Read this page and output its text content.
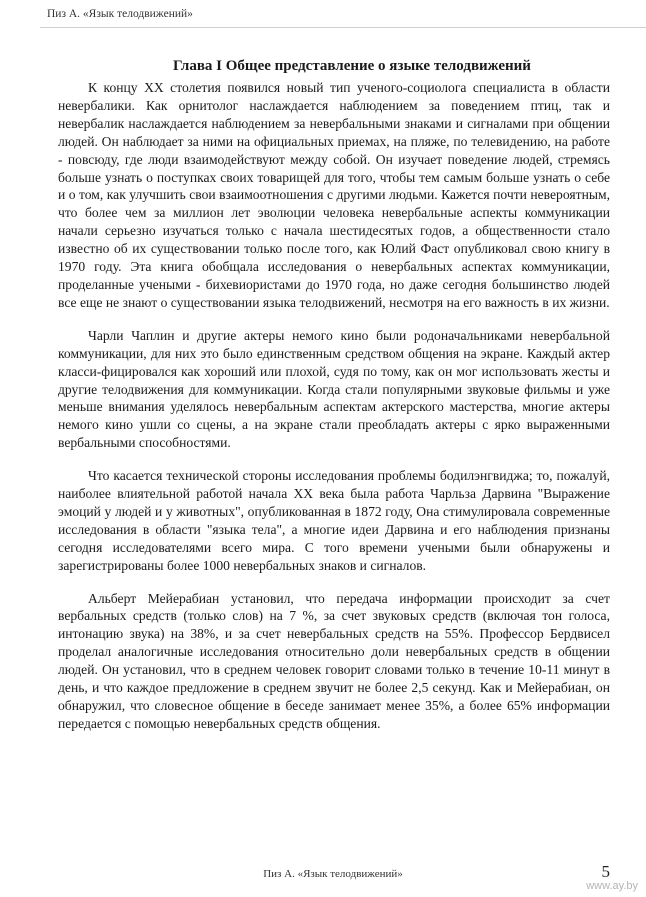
Пиз А. «Язык телодвижений»
Глава I Общее представление о языке телодвижений

К концу XX столетия появился новый тип ученого-социолога специалиста в области невербалики. Как орнитолог наслаждается наблюдением за поведением птиц, так и невербалик наслаждается наблюдением за невербальными знаками и сигналами при общении людей. Он наблюдает за ними на официальных приемах, на пляже, по телевидению, на работе - повсюду, где люди взаимодействуют между собой. Он изучает поведение людей, стремясь больше узнать о поступках своих товарищей для того, чтобы тем самым больше узнать о себе и о том, как улучшить свои взаимоотношения с другими людьми. Кажется почти невероятным, что более чем за миллион лет эволюции человека невербальные аспекты коммуникации начали серьезно изучаться только с начала шестидесятых годов, а общественности стало известно об их существовании только после того, как Юлий Фаст опубликовал свою книгу в 1970 году. Эта книга обобщала исследования о невербальных аспектах коммуникации, проделанные учеными - бихевиористами до 1970 года, но даже сегодня большинство людей все еще не знают о существовании языка телодвижений, несмотря на его важность в их жизни.

Чарли Чаплин и другие актеры немого кино были родоначальниками невербальной коммуникации, для них это было единственным средством общения на экране. Каждый актер класси-фицировался как хороший или плохой, судя по тому, как он мог использовать жесты и другие телодвижения для коммуникации. Когда стали популярными звуковые фильмы и уже меньше внимания уделялось невербальным аспектам актерского мастерства, многие актеры немого кино ушли со сцены, а на экране стали преобладать актеры с ярко выраженными вербальными способностями.

Что касается технической стороны исследования проблемы бодилэнгвиджа; то, пожалуй, наиболее влиятельной работой начала XX века была работа Чарльза Дарвина "Выражение эмоций у людей и у животных", опубликованная в 1872 году, Она стимулировала современные исследования в области "языка тела", а многие идеи Дарвина и его наблюдения признаны сегодня исследователями всего мира. С того времени учеными были обнаружены и зарегистрированы более 1000 невербальных знаков и сигналов.

Альберт Мейерабиан установил, что передача информации происходит за счет вербальных средств (только слов) на 7 %, за счет звуковых средств (включая тон голоса, интонацию звука) на 38%, и за счет невербальных средств на 55%. Профессор Бердвисел проделал аналогичные исследования относительно доли невербальных средств в общении людей. Он установил, что в среднем человек говорит словами только в течение 10-11 минут в день, и что каждое предложение в среднем звучит не более 2,5 секунд. Как и Мейерабиан, он обнаружил, что словесное общение в беседе занимает менее 35%, а более 65% информации передается с помощью невербальных средств общения.

Пиз А. «Язык телодвижений»	5
www.ay.by
